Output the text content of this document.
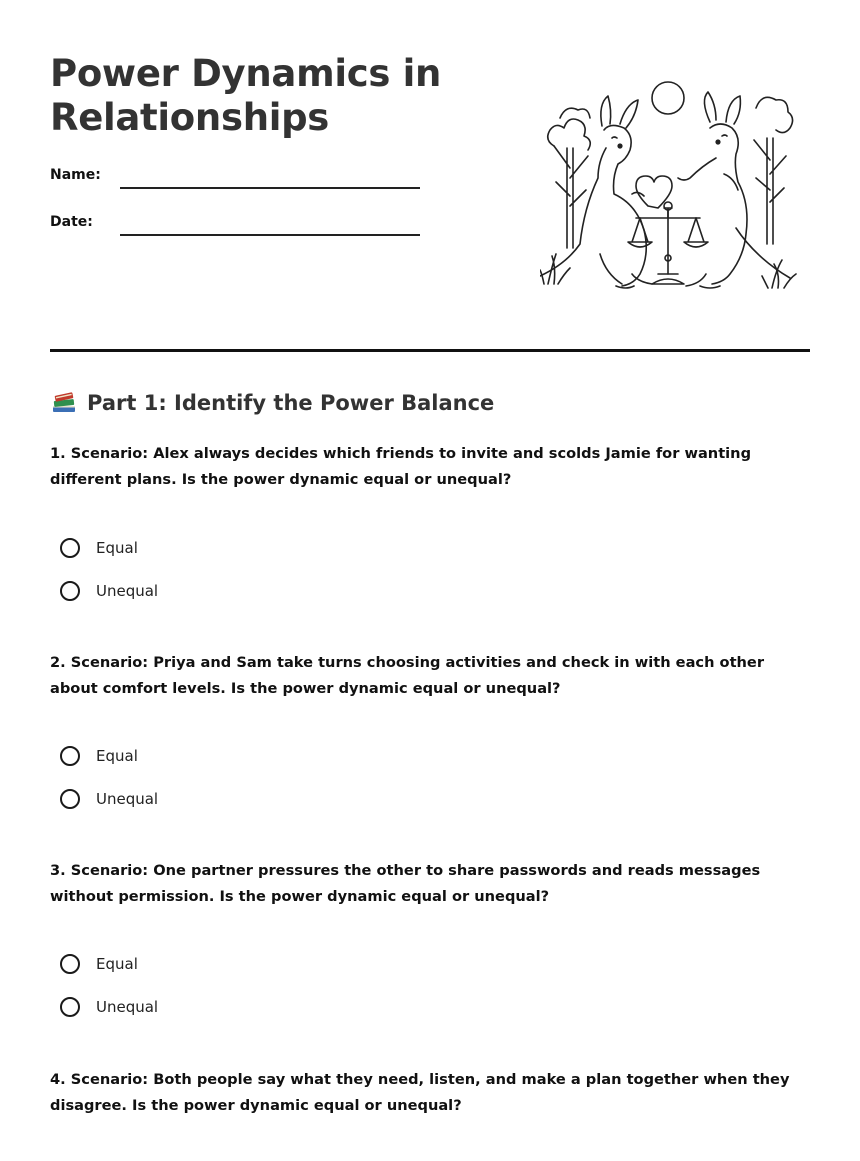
Power Dynamics in Relationships
Name:
Date:
Part 1: Identify the Power Balance

1. Scenario: Alex always decides which friends to invite and scolds Jamie for wanting different plans. Is the power dynamic equal or unequal?

Equal
Unequal

2. Scenario: Priya and Sam take turns choosing activities and check in with each other about comfort levels. Is the power dynamic equal or unequal?

Equal
Unequal

3. Scenario: One partner pressures the other to share passwords and reads messages without permission. Is the power dynamic equal or unequal?

Equal
Unequal

4. Scenario: Both people say what they need, listen, and make a plan together when they disagree. Is the power dynamic equal or unequal?
